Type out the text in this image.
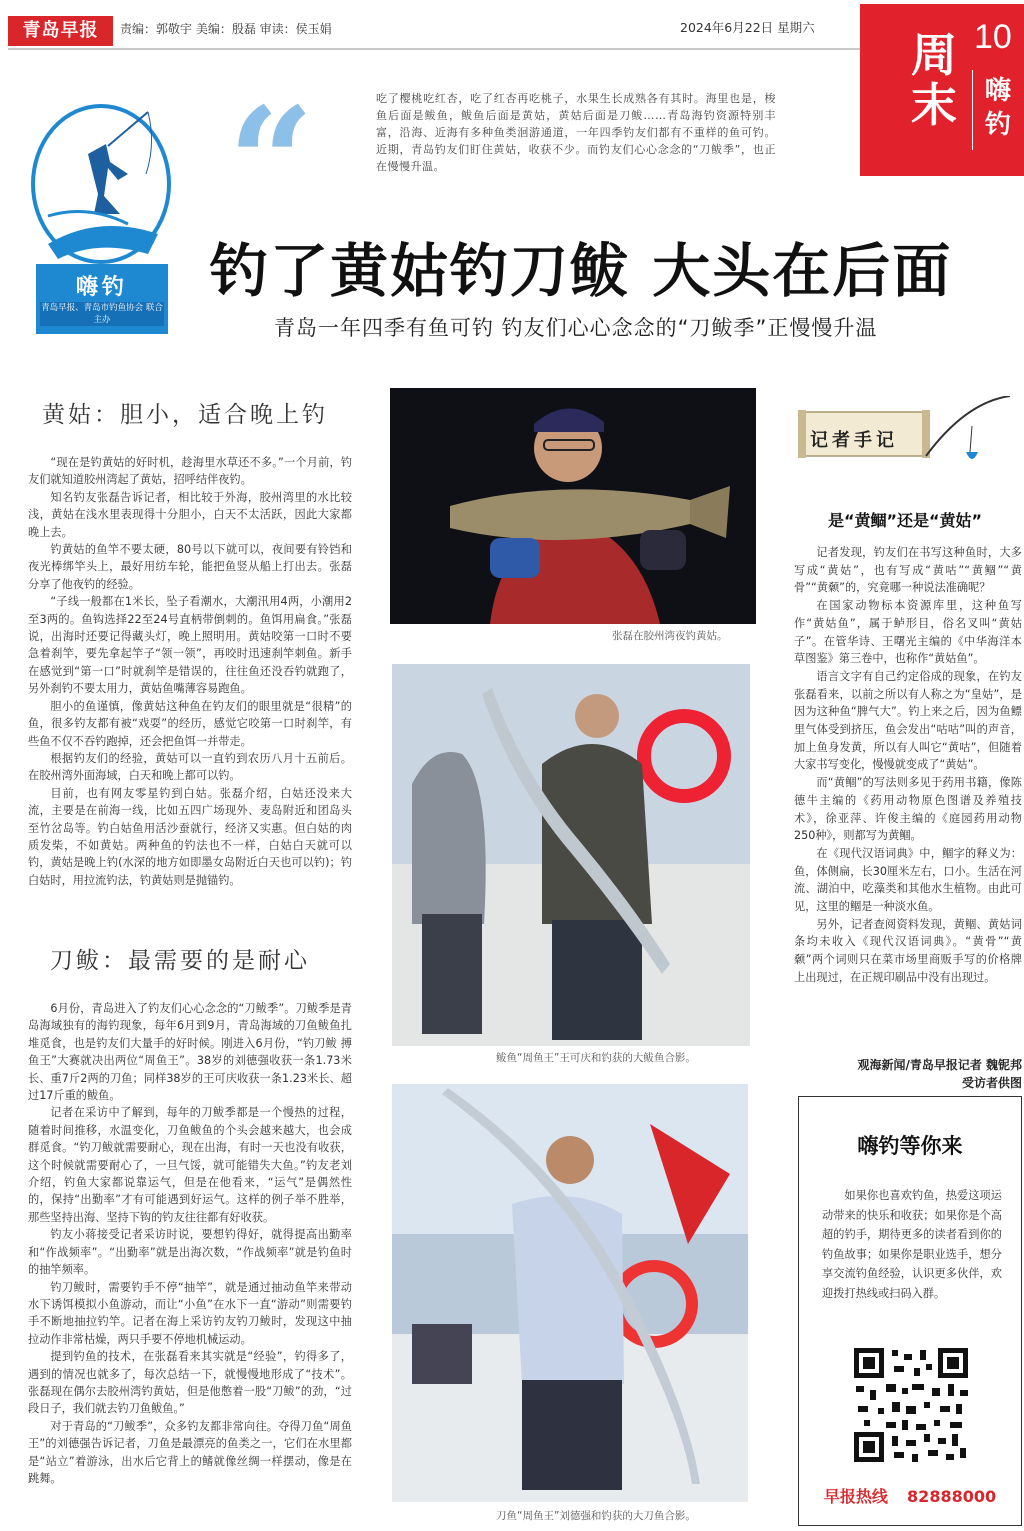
青岛早报	责编：郭敬宇 美编：殷磊 审读：侯玉娟	2024年6月22日 星期六
周末
10
嗨钓
嗨钓
青岛早报、青岛市钓鱼协会 联合主办
“	吃了樱桃吃红杏，吃了红杏再吃桃子，水果生长成熟各有其时。海里也是，梭鱼后面是鲅鱼，鲅鱼后面是黄姑，黄姑后面是刀鲅……青岛海钓资源特别丰富，沿海、近海有多种鱼类洄游通道，一年四季钓友们都有不重样的鱼可钓。近期，青岛钓友们盯住黄姑，收获不少。而钓友们心心念念的“刀鲅季”，也正在慢慢升温。
钓了黄姑钓刀鲅 大头在后面
青岛一年四季有鱼可钓 钓友们心心念念的“刀鲅季”正慢慢升温
黄姑：胆小，适合晚上钓

“现在是钓黄姑的好时机，趁海里水草还不多。”一个月前，钓友们就知道胶州湾起了黄姑，招呼结伴夜钓。

知名钓友张磊告诉记者，相比较于外海，胶州湾里的水比较浅，黄姑在浅水里表现得十分胆小，白天不太活跃，因此大家都晚上去。

钓黄姑的鱼竿不要太硬，80号以下就可以，夜间要有铃铛和夜光棒绑竿头上，最好用纺车轮，能把鱼竖从船上打出去。张磊分享了他夜钓的经验。

“子线一般都在1米长，坠子看潮水，大潮汛用4两，小潮用2至3两的。鱼钩选择22至24号直柄带倒刺的。鱼饵用扁食。”张磊说，出海时还要记得藏头灯，晚上照明用。黄姑咬第一口时不要急着刹竿，要先拿起竿子“领一领”，再咬时迅速刹竿刺鱼。新手在感觉到“第一口”时就刹竿是错误的，往往鱼还没吞钓就跑了，另外刹钓不要太用力，黄姑鱼嘴薄容易跑鱼。

胆小的鱼谨慎，像黄姑这种鱼在钓友们的眼里就是“很精”的鱼，很多钓友都有被“戏耍”的经历，感觉它咬第一口时刹竿，有些鱼不仅不吞钓跑掉，还会把鱼饵一并带走。

根据钓友们的经验，黄姑可以一直钓到农历八月十五前后。在胶州湾外面海域，白天和晚上都可以钓。

目前，也有网友零星钓到白姑。张磊介绍，白姑还没来大流，主要是在前海一线，比如五四广场现外、麦岛附近和团岛头至竹岔岛等。钓白姑鱼用活沙蚕就行，经济又实惠。但白姑的肉质发柴，不如黄姑。两种鱼的钓法也不一样，白姑白天就可以钓，黄姑是晚上钓(水深的地方如即墨女岛附近白天也可以钓)；钓白姑时，用拉流钓法，钓黄姑则是抛锚钓。

刀鲅：最需要的是耐心

6月份，青岛进入了钓友们心心念念的“刀鲅季”。刀鲅季是青岛海域独有的海钓现象，每年6月到9月，青岛海域的刀鱼鲅鱼扎堆觅食，也是钓友们大量手的好时候。刚进入6月份，“钓刀鲅 搏鱼王”大赛就决出两位“周鱼王”。38岁的刘德强收获一条1.73米长、重7斤2两的刀鱼；同样38岁的王可庆收获一条1.23米长、超过17斤重的鲅鱼。

记者在采访中了解到，每年的刀鲅季都是一个慢热的过程，随着时间推移，水温变化，刀鱼鲅鱼的个头会越来越大，也会成群觅食。“钓刀鲅就需要耐心，现在出海，有时一天也没有收获，这个时候就需要耐心了，一旦气馁，就可能错失大鱼。”钓友老刘介绍，钓鱼大家都说靠运气，但是在他看来，“运气”是偶然性的，保持“出勤率”才有可能遇到好运气。这样的例子举不胜举，那些坚持出海、坚持下钩的钓友往往都有好收获。

钓友小蒋接受记者采访时说，要想钓得好，就得提高出勤率和“作战频率”。“出勤率”就是出海次数，“作战频率”就是钓鱼时的抽竿频率。

钓刀鲅时，需要钓手不停“抽竿”，就是通过抽动鱼竿来带动水下诱饵模拟小鱼游动，而让“小鱼”在水下一直“游动”则需要钓手不断地抽拉钓竿。记者在海上采访钓友钓刀鲅时，发现这中抽拉动作非常枯燥，两只手要不停地机械运动。

提到钓鱼的技术，在张磊看来其实就是“经验”，钓得多了，遇到的情况也就多了，每次总结一下，就慢慢地形成了“技术”。张磊现在偶尔去胶州湾钓黄姑，但是他憋着一股“刀鲅”的劲，“过段日子，我们就去钓刀鱼鲅鱼。”

对于青岛的“刀鲅季”，众多钓友都非常向往。夺得刀鱼“周鱼王”的刘德强告诉记者，刀鱼是最漂亮的鱼类之一，它们在水里都是“站立”着游泳，出水后它背上的鳍就像丝绸一样摆动，像是在跳舞。

张磊在胶州湾夜钓黄姑。
鲅鱼“周鱼王”王可庆和钓获的大鲅鱼合影。
刀鱼“周鱼王”刘德强和钓获的大刀鱼合影。
记者手记
是“黄鲴”还是“黄姑”

记者发现，钓友们在书写这种鱼时，大多写成“黄姑”，也有写成“黄咕”“黄鲴”“黄骨”“黄颡”的，究竟哪一种说法准确呢？

在国家动物标本资源库里，这种鱼写作“黄姑鱼”，属于鲈形目，俗名叉叫“黄姑子”。在管华诗、王曙光主编的《中华海洋本草图鉴》第三卷中，也称作“黄姑鱼”。

语言文字有自己约定俗成的现象，在钓友张磊看来，以前之所以有人称之为“皇姑”，是因为这种鱼“脾气大”。钓上来之后，因为鱼鳔里气体受到挤压，鱼会发出“咕咕”叫的声音，加上鱼身发黄，所以有人叫它“黄咕”，但随着大家书写变化，慢慢就变成了“黄姑”。

而“黄鲴”的写法则多见于药用书籍，像陈德牛主编的《药用动物原色图谱及养殖技术》，徐亚萍、许俊主编的《庭园药用动物250种》，则都写为黄鲴。

在《现代汉语词典》中，鲴字的释义为：鱼，体侧扁，长30厘米左右，口小。生活在河流、湖泊中，吃藻类和其他水生植物。由此可见，这里的鲴是一种淡水鱼。

另外，记者查阅资料发现，黄鲴、黄姑词条均未收入《现代汉语词典》。“黄骨”“黄颡”两个词则只在菜市场里商贩手写的价格牌上出现过，在正规印刷品中没有出现过。

观海新闻/青岛早报记者 魏铌邦
受访者供图
嗨钓等你来

如果你也喜欢钓鱼，热爱这项运动带来的快乐和收获；如果你是个高超的钓手，期待更多的读者看到你的钓鱼故事；如果你是职业选手，想分享交流钓鱼经验，认识更多伙伴，欢迎拨打热线或扫码入群。

早报热线 82888000
